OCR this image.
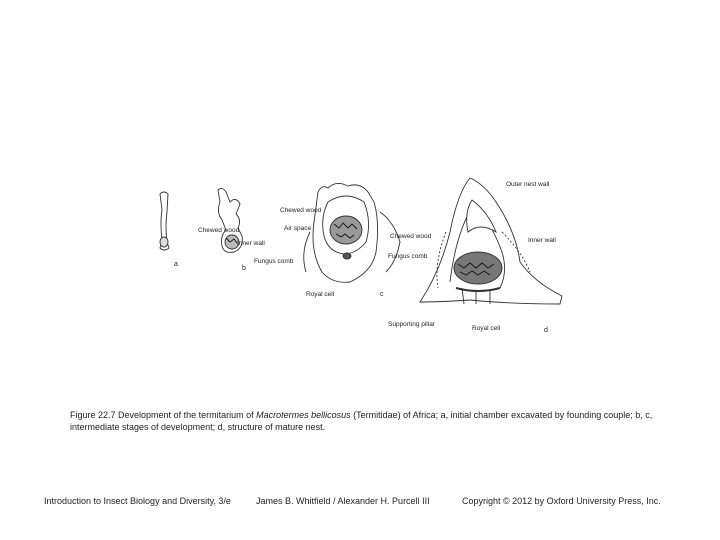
a
Chewed wood
Inner wall
Fungus comb
b
Chewed wood
Air space
Royal cell	c
Outer nest wall
Chewed wood
Inner wall
Fungus comb
Supporting pillar
Royal cell	d
Figure 22.7 Development of the termitarium of Macrotermes bellicosus (Termitidae) of Africa; a, initial chamber excavated by founding couple; b, c, intermediate stages of development; d, structure of mature nest.
Introduction to Insect Biology and Diversity, 3/e	James B. Whitfield / Alexander H. Purcell III	Copyright © 2012 by Oxford University Press, Inc.
